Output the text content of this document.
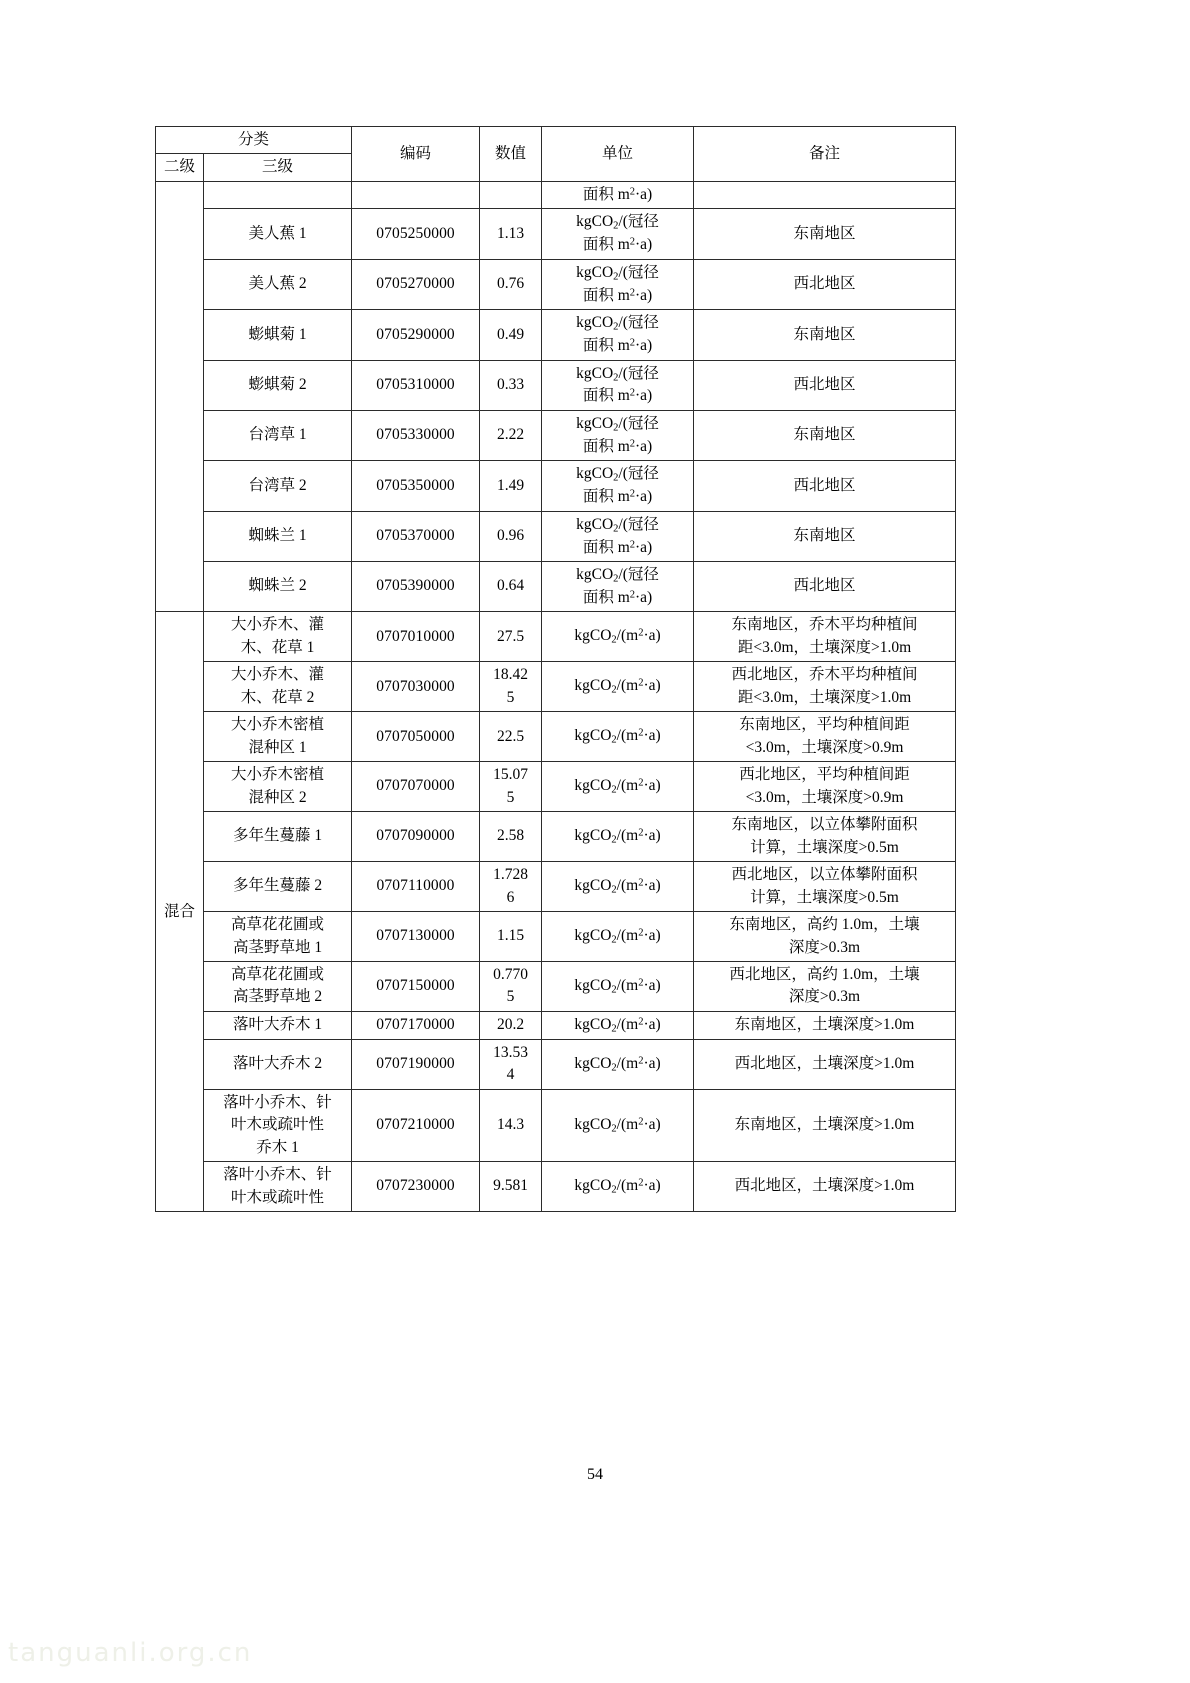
分类		编码	数值	单位	备注
二级	三级				

				面积 $m^2\cdot a$)	

	美人蕉 1	0705250000	1.13	kgCO$_2$/(冠径
面积 $m^2\cdot a$)	东南地区

	美人蕉 2	0705270000	0.76	kgCO$_2$/(冠径
面积 $m^2\cdot a$)	西北地区

	蟛蜞菊 1	0705290000	0.49	kgCO$_2$/(冠径
面积 $m^2\cdot a$)	东南地区

	蟛蜞菊 2	0705310000	0.33	kgCO$_2$/(冠径
面积 $m^2\cdot a$)	西北地区

	台湾草 1	0705330000	2.22	kgCO$_2$/(冠径
面积 $m^2\cdot a$)	东南地区

	台湾草 2	0705350000	1.49	kgCO$_2$/(冠径
面积 $m^2\cdot a$)	西北地区

	蜘蛛兰 1	0705370000	0.96	kgCO$_2$/(冠径
面积 $m^2\cdot a$)	东南地区

	蜘蛛兰 2	0705390000	0.64	kgCO$_2$/(冠径
面积 $m^2\cdot a$)	西北地区

混合	大小乔木、灌
木、花草 1	0707010000	27.5	$kgCO_2/(m^2\cdot a)$	东南地区，乔木平均种植间
距<3.0m，土壤深度>1.0m

	大小乔木、灌
木、花草 2	0707030000	18.42
5	$kgCO_2/(m^2\cdot a)$	西北地区，乔木平均种植间
距<3.0m，土壤深度>1.0m

	大小乔木密植
混种区 1	0707050000	22.5	$kgCO_2/(m^2\cdot a)$	东南地区，平均种植间距
<3.0m，土壤深度>0.9m

	大小乔木密植
混种区 2	0707070000	15.07
5	$kgCO_2/(m^2\cdot a)$	西北地区，平均种植间距
<3.0m，土壤深度>0.9m

	多年生蔓藤 1	0707090000	2.58	$kgCO_2/(m^2\cdot a)$	东南地区，以立体攀附面积
计算，土壤深度>0.5m

	多年生蔓藤 2	0707110000	1.728
6	$kgCO_2/(m^2\cdot a)$	西北地区，以立体攀附面积
计算，土壤深度>0.5m

	高草花花圃或
高茎野草地 1	0707130000	1.15	$kgCO_2/(m^2\cdot a)$	东南地区，高约 1.0m，土壤
深度>0.3m

	高草花花圃或
高茎野草地 2	0707150000	0.770
5	$kgCO_2/(m^2\cdot a)$	西北地区，高约 1.0m，土壤
深度>0.3m

	落叶大乔木 1	0707170000	20.2	$kgCO_2/(m^2\cdot a)$	东南地区，土壤深度>1.0m

	落叶大乔木 2	0707190000	13.53
4	$kgCO_2/(m^2\cdot a)$	西北地区，土壤深度>1.0m

	落叶小乔木、针
叶木或疏叶性
乔木 1	0707210000	14.3	$kgCO_2/(m^2\cdot a)$	东南地区，土壤深度>1.0m

	落叶小乔木、针
叶木或疏叶性	0707230000	9.581	$kgCO_2/(m^2\cdot a)$	西北地区，土壤深度>1.0m
54
tanguanli.org.cn
